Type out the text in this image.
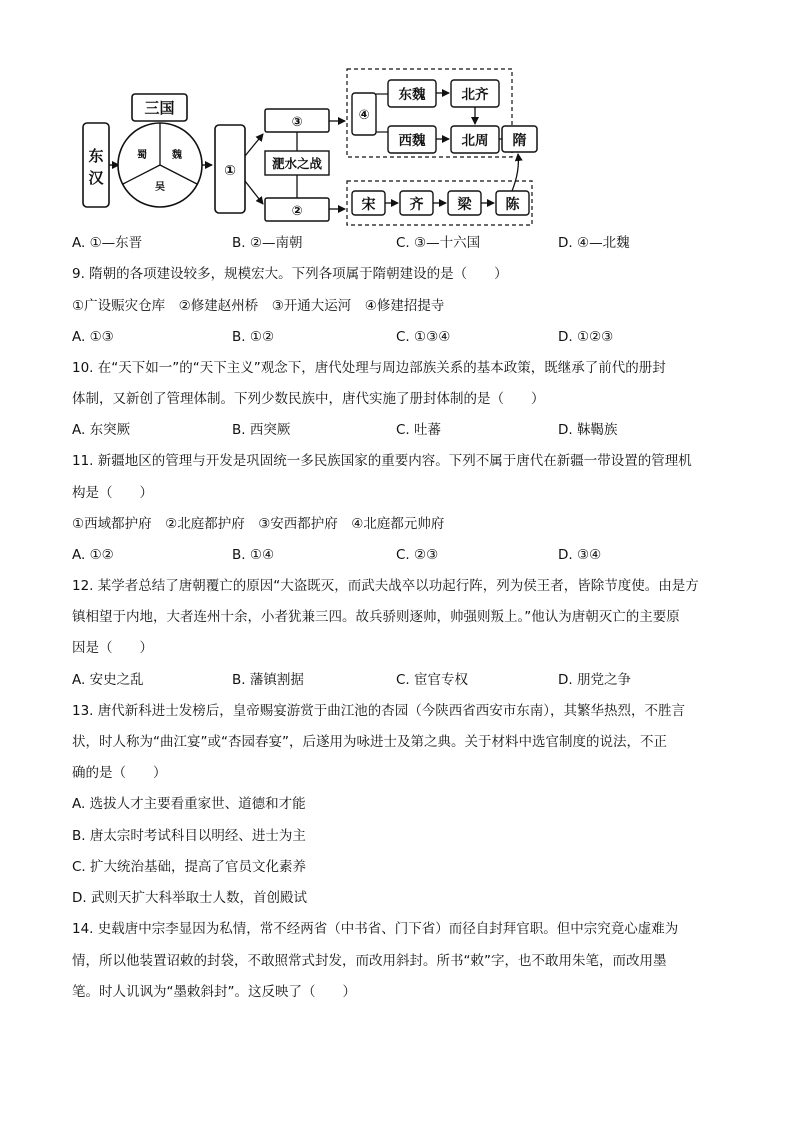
东
汉
三国
蜀	魏
吴
①
③
淝水之战
②
④
东魏	北齐
西魏	北周 隋
宋 齐 梁 陈
A. ①—东晋	B. ②—南朝	C. ③—十六国	D. ④—北魏
9. 隋朝的各项建设较多，规模宏大。下列各项属于隋朝建设的是（　　）
①广设赈灾仓库　②修建赵州桥　③开通大运河　④修建招提寺
A. ①③	B. ①②	C. ①③④	D. ①②③
10. 在“天下如一”的“天下主义”观念下，唐代处理与周边部族关系的基本政策，既继承了前代的册封
体制，又新创了管理体制。下列少数民族中，唐代实施了册封体制的是（　　）
A. 东突厥	B. 西突厥	C. 吐蕃	D. 靺鞨族
11. 新疆地区的管理与开发是巩固统一多民族国家的重要内容。下列不属于唐代在新疆一带设置的管理机
构是（　　）
①西域都护府　②北庭都护府　③安西都护府　④北庭都元帅府
A. ①②	B. ①④	C. ②③	D. ③④
12. 某学者总结了唐朝覆亡的原因“大盗既灭，而武夫战卒以功起行阵，列为侯王者，皆除节度使。由是方
镇相望于内地，大者连州十余，小者犹兼三四。故兵骄则逐帅，帅强则叛上。”他认为唐朝灭亡的主要原
因是（　　）
A. 安史之乱	B. 藩镇割据	C. 宦官专权	D. 朋党之争
13. 唐代新科进士发榜后，皇帝赐宴游赏于曲江池的杏园（今陕西省西安市东南），其繁华热烈，不胜言
状，时人称为“曲江宴”或“杏园春宴”，后遂用为咏进士及第之典。关于材料中选官制度的说法，不正
确的是（　　）
A. 选拔人才主要看重家世、道德和才能
B. 唐太宗时考试科目以明经、进士为主
C. 扩大统治基础，提高了官员文化素养
D. 武则天扩大科举取士人数，首创殿试
14. 史载唐中宗李显因为私情，常不经两省（中书省、门下省）而径自封拜官职。但中宗究竟心虚难为
情，所以他装置诏敕的封袋，不敢照常式封发，而改用斜封。所书“敕”字，也不敢用朱笔，而改用墨
笔。时人讥讽为“墨敕斜封”。这反映了（　　）
